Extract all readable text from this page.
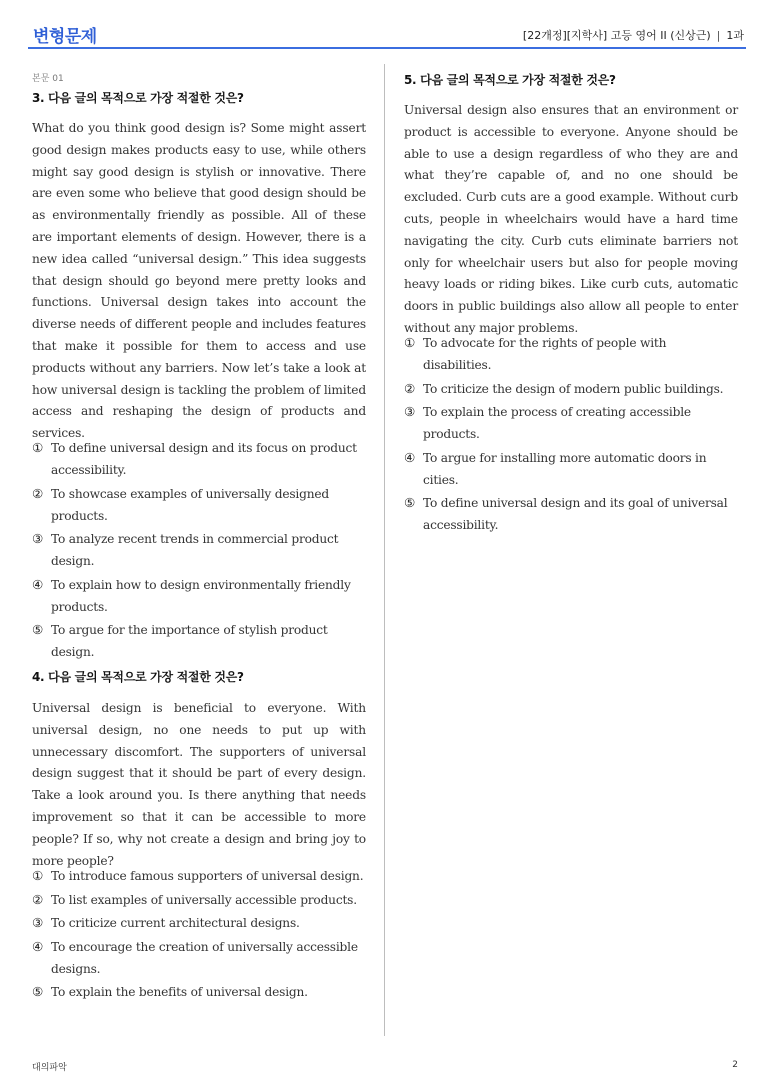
변형문제	[22개정][지학사] 고등 영어 II (신상근) | 1과
본문 01
3. 다음 글의 목적으로 가장 적절한 것은?
What do you think good design is? Some might assert good design makes products easy to use, while others might say good design is stylish or innovative. There are even some who believe that good design should be as environmentally friendly as possible. All of these are important elements of design. However, there is a new idea called “universal design.” This idea suggests that design should go beyond mere pretty looks and functions. Universal design takes into account the diverse needs of different people and includes features that make it possible for them to access and use products without any barriers. Now let’s take a look at how universal design is tackling the problem of limited access and reshaping the design of products and services.
① To define universal design and its focus on product accessibility.
② To showcase examples of universally designed products.
③ To analyze recent trends in commercial product design.
④ To explain how to design environmentally friendly products.
⑤ To argue for the importance of stylish product design.
4. 다음 글의 목적으로 가장 적절한 것은?
Universal design is beneficial to everyone. With universal design, no one needs to put up with unnecessary discomfort. The supporters of universal design suggest that it should be part of every design. Take a look around you. Is there anything that needs improvement so that it can be accessible to more people? If so, why not create a design and bring joy to more people?
① To introduce famous supporters of universal design.
② To list examples of universally accessible products.
③ To criticize current architectural designs.
④ To encourage the creation of universally accessible designs.
⑤ To explain the benefits of universal design.
5. 다음 글의 목적으로 가장 적절한 것은?
Universal design also ensures that an environment or product is accessible to everyone. Anyone should be able to use a design regardless of who they are and what they’re capable of, and no one should be excluded. Curb cuts are a good example. Without curb cuts, people in wheelchairs would have a hard time navigating the city. Curb cuts eliminate barriers not only for wheelchair users but also for people moving heavy loads or riding bikes. Like curb cuts, automatic doors in public buildings also allow all people to enter without any major problems.
① To advocate for the rights of people with disabilities.
② To criticize the design of modern public buildings.
③ To explain the process of creating accessible products.
④ To argue for installing more automatic doors in cities.
⑤ To define universal design and its goal of universal accessibility.
대의파악	2
